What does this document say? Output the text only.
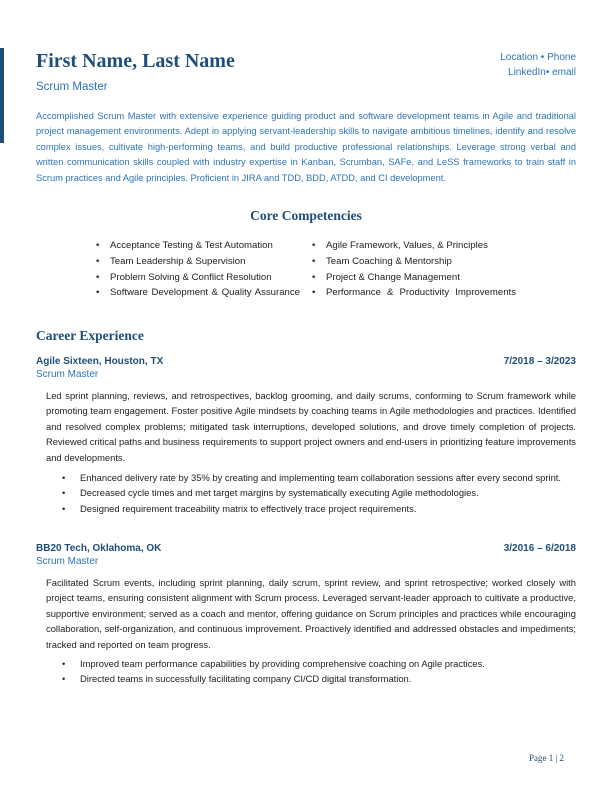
First Name, Last Name
Scrum Master
Location • Phone
LinkedIn• email

Accomplished Scrum Master with extensive experience guiding product and software development teams in Agile and traditional project management environments. Adept in applying servant-leadership skills to navigate ambitious timelines, identify and resolve complex issues, cultivate high-performing teams, and build productive professional relationships. Leverage strong verbal and written communication skills coupled with industry expertise in Kanban, Scrumban, SAFe, and LeSS frameworks to train staff in Scrum practices and Agile principles. Proficient in JIRA and TDD, BDD, ATDD, and CI development.

Core Competencies
• Acceptance Testing & Test Automation
• Team Leadership & Supervision
• Problem Solving & Conflict Resolution
• Software Development & Quality Assurance
• Agile Framework, Values, & Principles
• Team Coaching & Mentorship
• Project & Change Management
• Performance & Productivity Improvements
Career Experience
Agile Sixteen, Houston, TX	7/2018 – 3/2023
Scrum Master

Led sprint planning, reviews, and retrospectives, backlog grooming, and daily scrums, conforming to Scrum framework while promoting team engagement. Foster positive Agile mindsets by coaching teams in Agile methodologies and practices. Identified and resolved complex problems; mitigated task interruptions, developed solutions, and drove timely completion of projects. Reviewed critical paths and business requirements to support project owners and end-users in prioritizing feature improvements and developments.

• Enhanced delivery rate by 35% by creating and implementing team collaboration sessions after every second sprint.
• Decreased cycle times and met target margins by systematically executing Agile methodologies.
• Designed requirement traceability matrix to effectively trace project requirements.
BB20 Tech, Oklahoma, OK	3/2016 – 6/2018
Scrum Master

Facilitated Scrum events, including sprint planning, daily scrum, sprint review, and sprint retrospective; worked closely with project teams, ensuring consistent alignment with Scrum process. Leveraged servant-leader approach to cultivate a productive, supportive environment; served as a coach and mentor, offering guidance on Scrum principles and practices while encouraging collaboration, self-organization, and continuous improvement. Proactively identified and addressed obstacles and impediments; tracked and reported on team progress.

• Improved team performance capabilities by providing comprehensive coaching on Agile practices.
• Directed teams in successfully facilitating company CI/CD digital transformation.
Page 1 | 2
